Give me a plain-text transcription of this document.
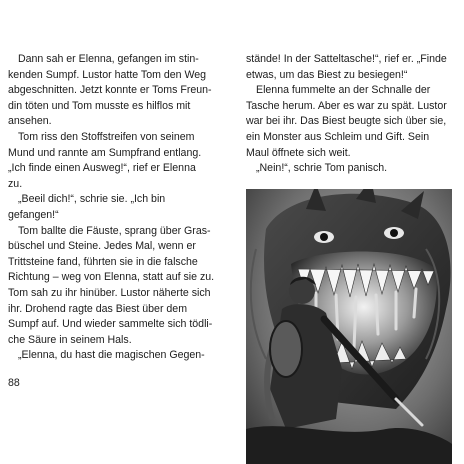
Dann sah er Elenna, gefangen im stin-
kenden Sumpf. Lustor hatte Tom den Weg
abgeschnitten. Jetzt konnte er Toms Freun-
din töten und Tom musste es hilflos mit
ansehen.
Tom riss den Stoffstreifen von seinem
Mund und rannte am Sumpfrand entlang.
„Ich finde einen Ausweg!“, rief er Elenna
zu.
„Beeil dich!“, schrie sie. „Ich bin
gefangen!“
Tom ballte die Fäuste, sprang über Gras-
büschel und Steine. Jedes Mal, wenn er
Trittsteine fand, führten sie in die falsche
Richtung – weg von Elenna, statt auf sie zu.
Tom sah zu ihr hinüber. Lustor näherte sich
ihr. Drohend ragte das Biest über dem
Sumpf auf. Und wieder sammelte sich tödli-
che Säure in seinem Hals.
„Elenna, du hast die magischen Gegen-

88

stände! In der Satteltasche!“, rief er. „Finde
etwas, um das Biest zu besiegen!“
Elenna fummelte an der Schnalle der
Tasche herum. Aber es war zu spät. Lustor
war bei ihr. Das Biest beugte sich über sie,
ein Monster aus Schleim und Gift. Sein
Maul öffnete sich weit.
„Nein!“, schrie Tom panisch.
